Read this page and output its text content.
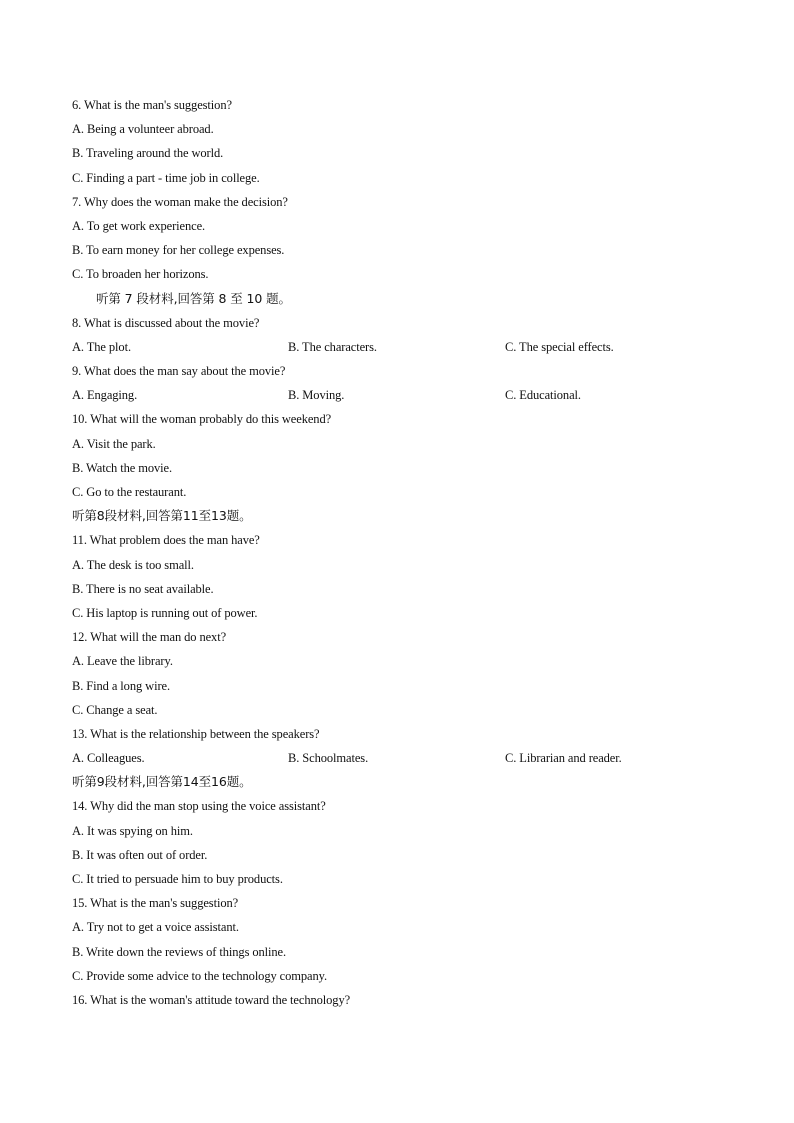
6. What is the man's suggestion?
A. Being a volunteer abroad.
B. Traveling around the world.
C. Finding a part - time job in college.
7. Why does the woman make the decision?
A. To get work experience.
B. To earn money for her college expenses.
C. To broaden her horizons.
听第 7 段材料,回答第 8 至 10 题。
8. What is discussed about the movie?
A. The plot.	B. The characters.	C. The special effects.
9. What does the man say about the movie?
A. Engaging.	B. Moving.	C. Educational.
10. What will the woman probably do this weekend?
A. Visit the park.
B. Watch the movie.
C. Go to the restaurant.
听第8段材料,回答第11至13题。
11. What problem does the man have?
A. The desk is too small.
B. There is no seat available.
C. His laptop is running out of power.
12. What will the man do next?
A. Leave the library.
B. Find a long wire.
C. Change a seat.
13. What is the relationship between the speakers?
A. Colleagues.	B. Schoolmates.	C. Librarian and reader.
听第9段材料,回答第14至16题。
14. Why did the man stop using the voice assistant?
A. It was spying on him.
B. It was often out of order.
C. It tried to persuade him to buy products.
15. What is the man's suggestion?
A. Try not to get a voice assistant.
B. Write down the reviews of things online.
C. Provide some advice to the technology company.
16. What is the woman's attitude toward the technology?
